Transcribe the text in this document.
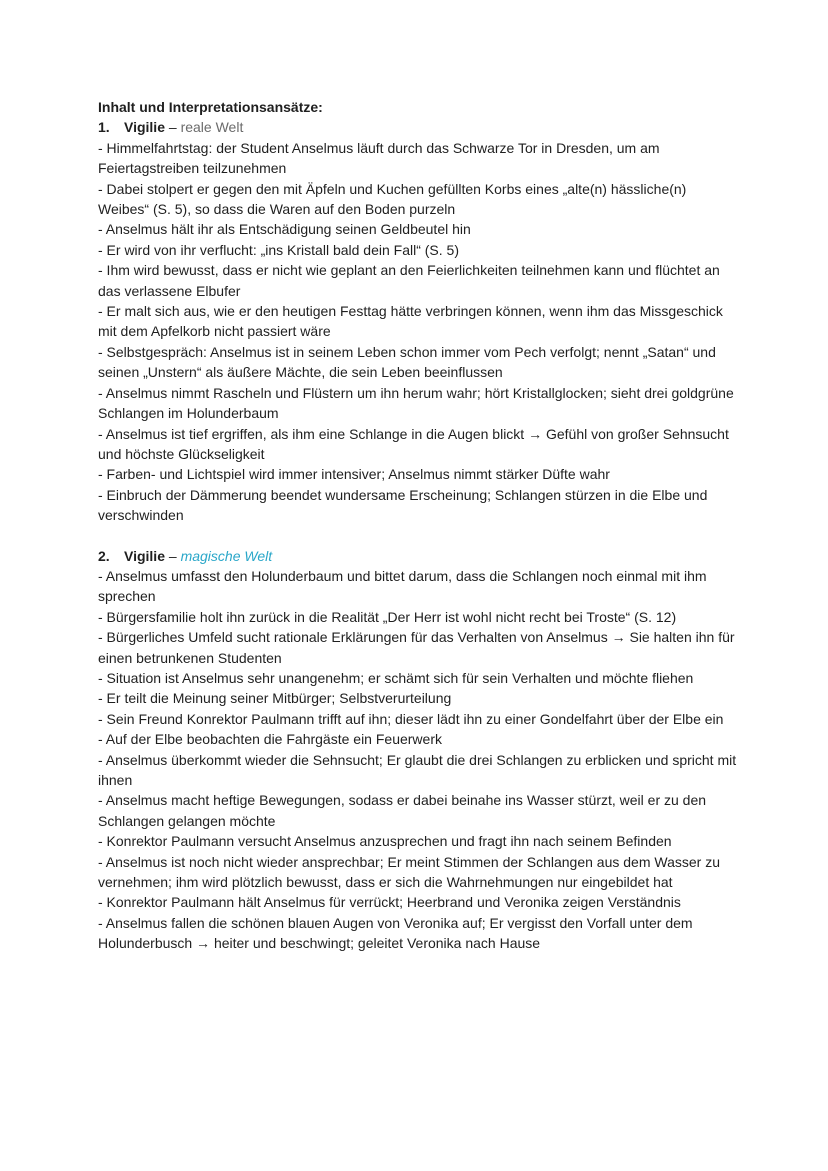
Inhalt und Interpretationsansätze:

1. Vigilie – reale Welt

- Himmelfahrtstag: der Student Anselmus läuft durch das Schwarze Tor in Dresden, um am Feiertagstreiben teilzunehmen
- Dabei stolpert er gegen den mit Äpfeln und Kuchen gefüllten Korbs eines „alte(n) hässliche(n) Weibes“ (S. 5), so dass die Waren auf den Boden purzeln
- Anselmus hält ihr als Entschädigung seinen Geldbeutel hin
- Er wird von ihr verflucht: „ins Kristall bald dein Fall“ (S. 5)
- Ihm wird bewusst, dass er nicht wie geplant an den Feierlichkeiten teilnehmen kann und flüchtet an das verlassene Elbufer
- Er malt sich aus, wie er den heutigen Festtag hätte verbringen können, wenn ihm das Missgeschick mit dem Apfelkorb nicht passiert wäre
- Selbstgespräch: Anselmus ist in seinem Leben schon immer vom Pech verfolgt; nennt „Satan“ und seinen „Unstern“ als äußere Mächte, die sein Leben beeinflussen
- Anselmus nimmt Rascheln und Flüstern um ihn herum wahr; hört Kristallglocken; sieht drei goldgrüne Schlangen im Holunderbaum
- Anselmus ist tief ergriffen, als ihm eine Schlange in die Augen blickt → Gefühl von großer Sehnsucht und höchste Glückseligkeit
- Farben- und Lichtspiel wird immer intensiver; Anselmus nimmt stärker Düfte wahr
- Einbruch der Dämmerung beendet wundersame Erscheinung; Schlangen stürzen in die Elbe und verschwinden

2. Vigilie – magische Welt

- Anselmus umfasst den Holunderbaum und bittet darum, dass die Schlangen noch einmal mit ihm sprechen
- Bürgersfamilie holt ihn zurück in die Realität „Der Herr ist wohl nicht recht bei Troste“ (S. 12)
- Bürgerliches Umfeld sucht rationale Erklärungen für das Verhalten von Anselmus → Sie halten ihn für einen betrunkenen Studenten
- Situation ist Anselmus sehr unangenehm; er schämt sich für sein Verhalten und möchte fliehen
- Er teilt die Meinung seiner Mitbürger; Selbstverurteilung
- Sein Freund Konrektor Paulmann trifft auf ihn; dieser lädt ihn zu einer Gondelfahrt über der Elbe ein
- Auf der Elbe beobachten die Fahrgäste ein Feuerwerk
- Anselmus überkommt wieder die Sehnsucht; Er glaubt die drei Schlangen zu erblicken und spricht mit ihnen
- Anselmus macht heftige Bewegungen, sodass er dabei beinahe ins Wasser stürzt, weil er zu den Schlangen gelangen möchte
- Konrektor Paulmann versucht Anselmus anzusprechen und fragt ihn nach seinem Befinden
- Anselmus ist noch nicht wieder ansprechbar; Er meint Stimmen der Schlangen aus dem Wasser zu vernehmen; ihm wird plötzlich bewusst, dass er sich die Wahrnehmungen nur eingebildet hat
- Konrektor Paulmann hält Anselmus für verrückt; Heerbrand und Veronika zeigen Verständnis
- Anselmus fallen die schönen blauen Augen von Veronika auf; Er vergisst den Vorfall unter dem Holunderbusch → heiter und beschwingt; geleitet Veronika nach Hause
